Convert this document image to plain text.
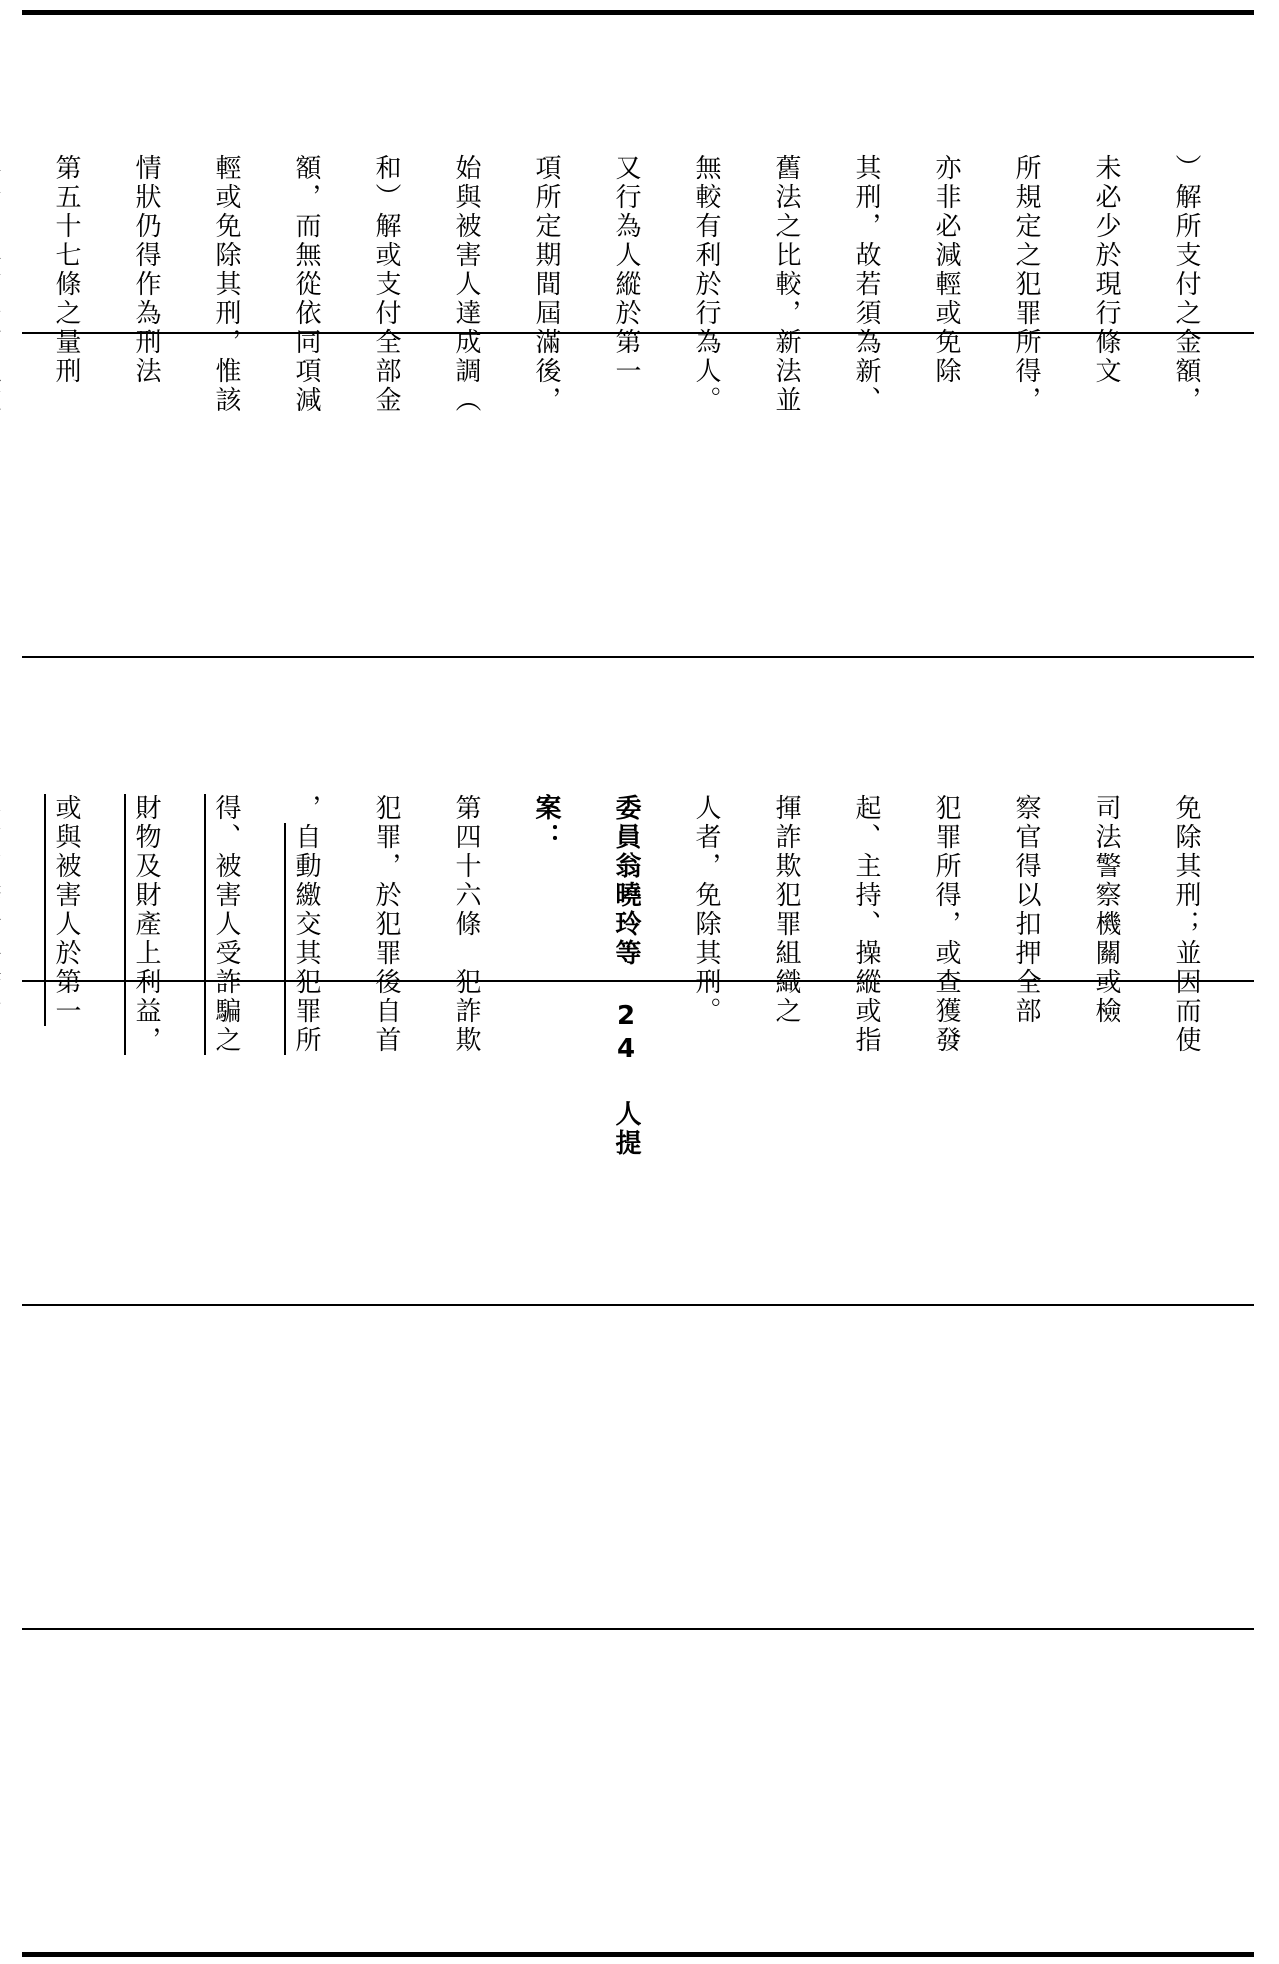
）解所支付之金額，

未必少於現行條文

所規定之犯罪所得，

亦非必減輕或免除

其刑，故若須為新、

舊法之比較，新法並

無較有利於行為人。

又行為人縱於第一

項所定期間屆滿後，

始與被害人達成調（

和）解或支付全部金

額，而無從依同項減

輕或免除其刑，惟該

情狀仍得作為刑法

第五十七條之量刑

免除其刑；並因而使

司法警察機關或檢

察官得以扣押全部

犯罪所得，或查獲發

起、主持、操縱或指

揮詐欺犯罪組織之

人者，免除其刑。

委員翁曉玲等 24 人提

案：

第四十六條　犯詐欺

犯罪，於犯罪後自首

，自動繳交其犯罪所

得、被害人受詐騙之

財物及財產上利益，

或與被害人於第一
